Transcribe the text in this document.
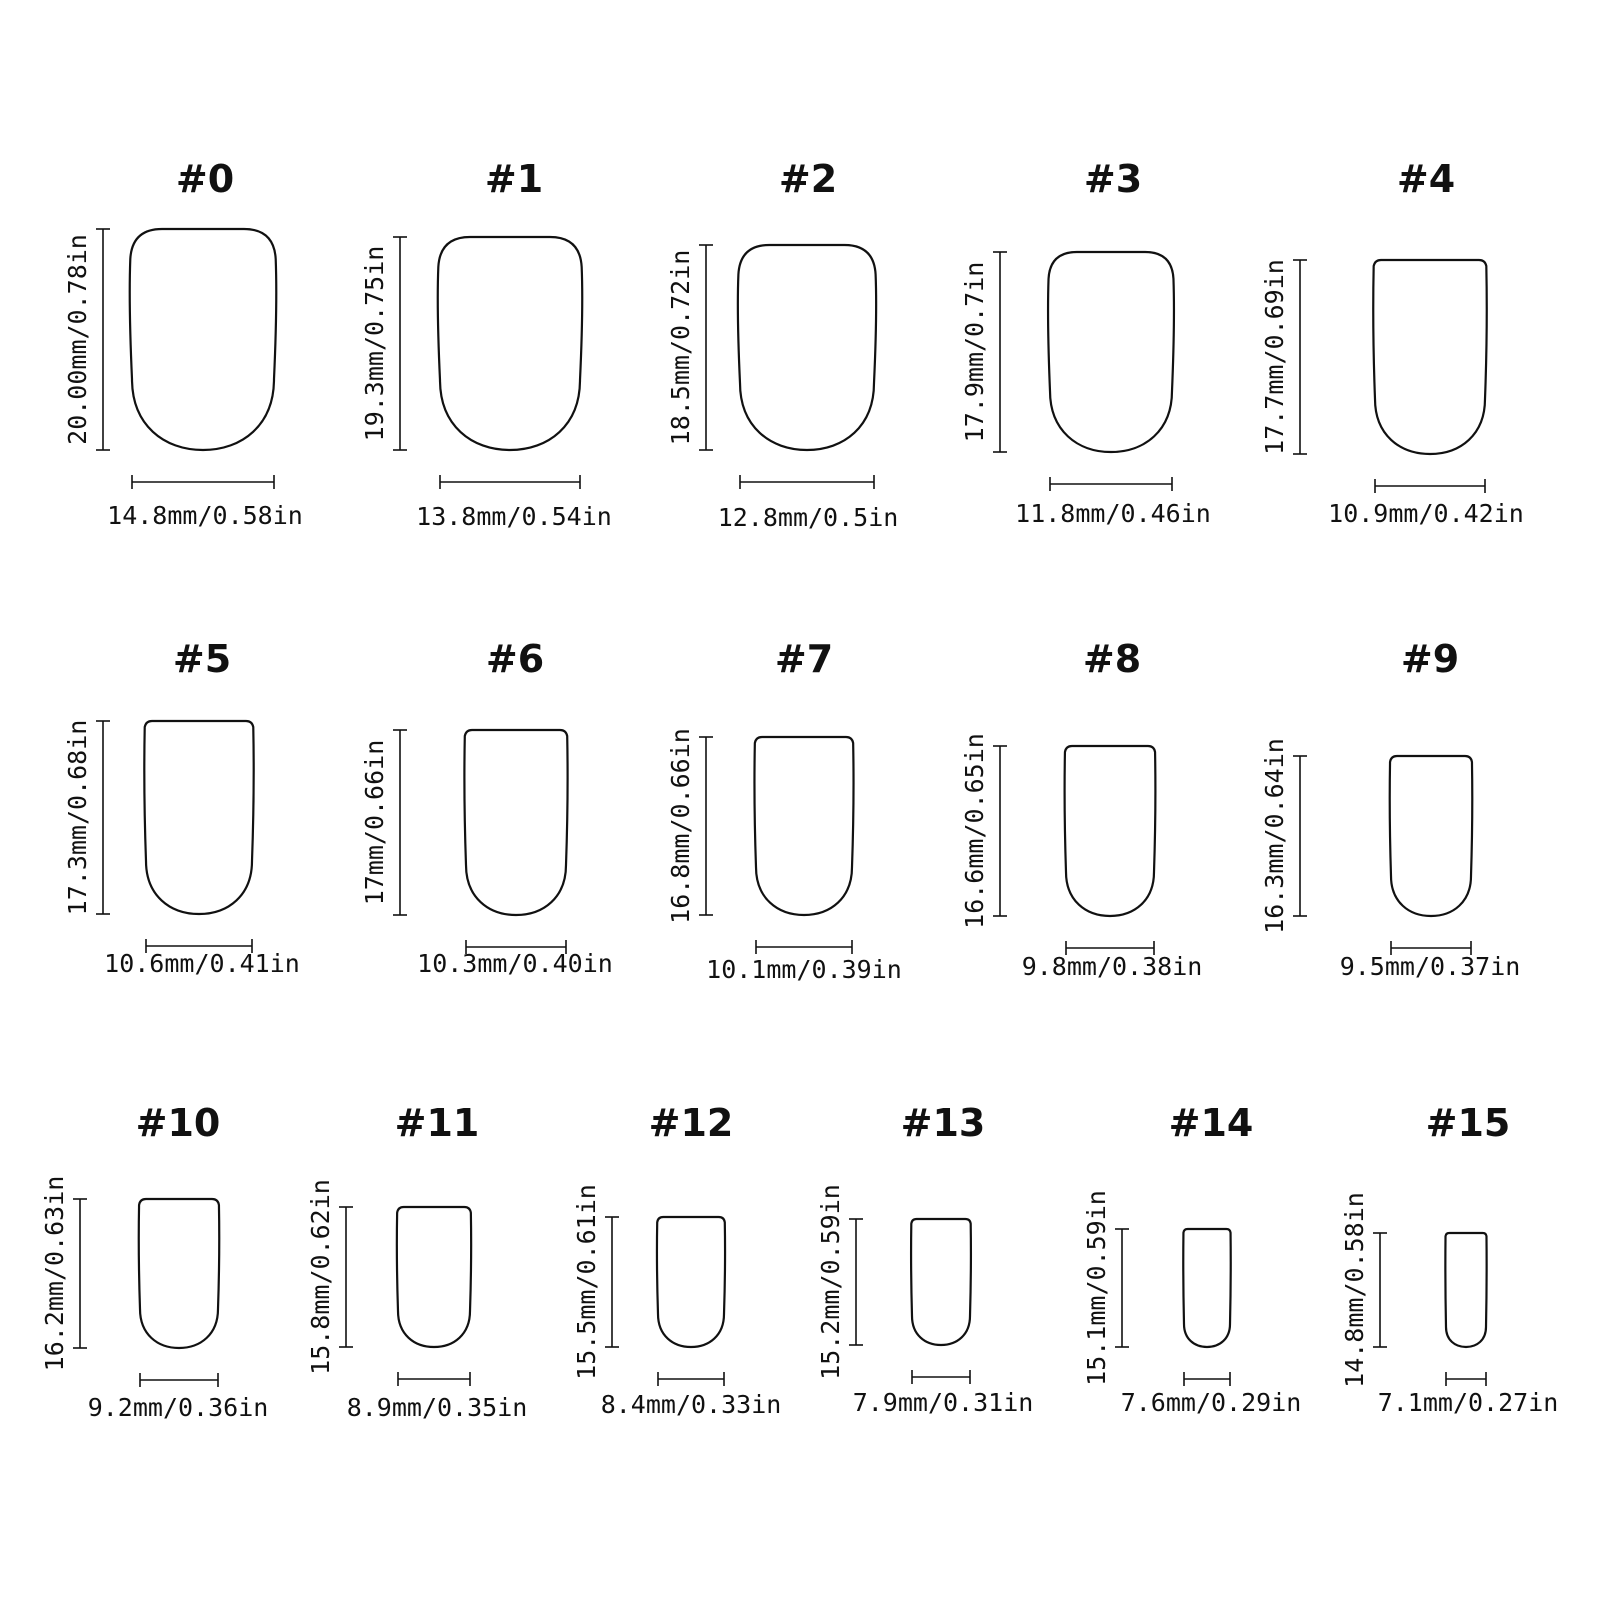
#0
20.00mm/0.78in
14.8mm/0.58in
#1
19.3mm/0.75in
13.8mm/0.54in
#2
18.5mm/0.72in
12.8mm/0.5in
#3
17.9mm/0.7in
11.8mm/0.46in
#4
17.7mm/0.69in
10.9mm/0.42in
#5
17.3mm/0.68in
10.6mm/0.41in
#6
17mm/0.66in
10.3mm/0.40in
#7
16.8mm/0.66in
10.1mm/0.39in
#8
16.6mm/0.65in
9.8mm/0.38in
#9
16.3mm/0.64in
9.5mm/0.37in
#10
16.2mm/0.63in
9.2mm/0.36in
#11
15.8mm/0.62in
8.9mm/0.35in
#12
15.5mm/0.61in
8.4mm/0.33in
#13
15.2mm/0.59in
7.9mm/0.31in
#14
15.1mm/0.59in
7.6mm/0.29in
#15
14.8mm/0.58in
7.1mm/0.27in
